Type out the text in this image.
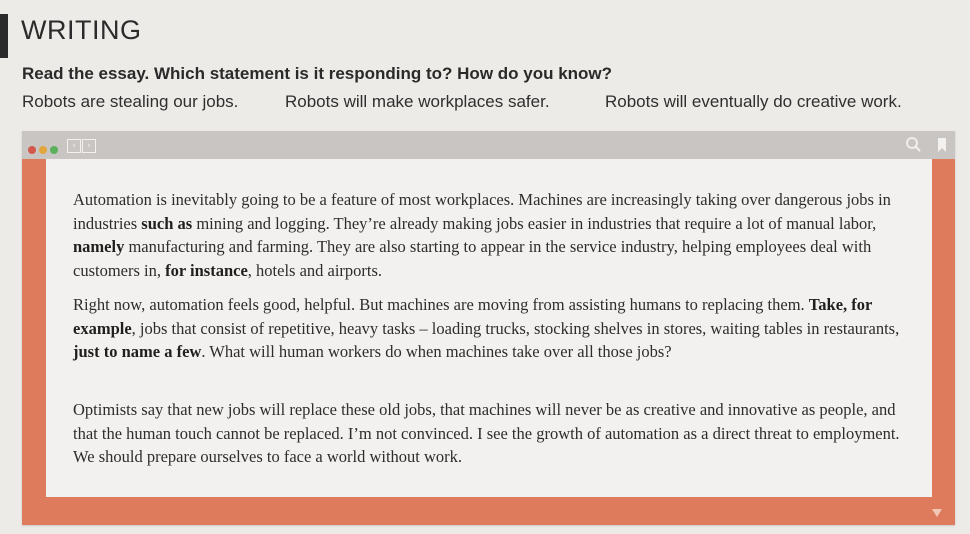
WRITING
Read the essay. Which statement is it responding to? How do you know?
Robots are stealing our jobs.	Robots will make workplaces safer.	Robots will eventually do creative work.
‹	›

Automation is inevitably going to be a feature of most workplaces. Machines are increasingly taking over dangerous jobs in industries such as mining and logging. They’re already making jobs easier in industries that require a lot of manual labor, namely manufacturing and farming. They are also starting to appear in the service industry, helping employees deal with customers in, for instance, hotels and airports.

Right now, automation feels good, helpful. But machines are moving from assisting humans to replacing them. Take, for example, jobs that consist of repetitive, heavy tasks – loading trucks, stocking shelves in stores, waiting tables in restaurants, just to name a few. What will human workers do when machines take over all those jobs?

Optimists say that new jobs will replace these old jobs, that machines will never be as creative and innovative as people, and that the human touch cannot be replaced. I’m not convinced. I see the growth of automation as a direct threat to employment. We should prepare ourselves to face a world without work.
